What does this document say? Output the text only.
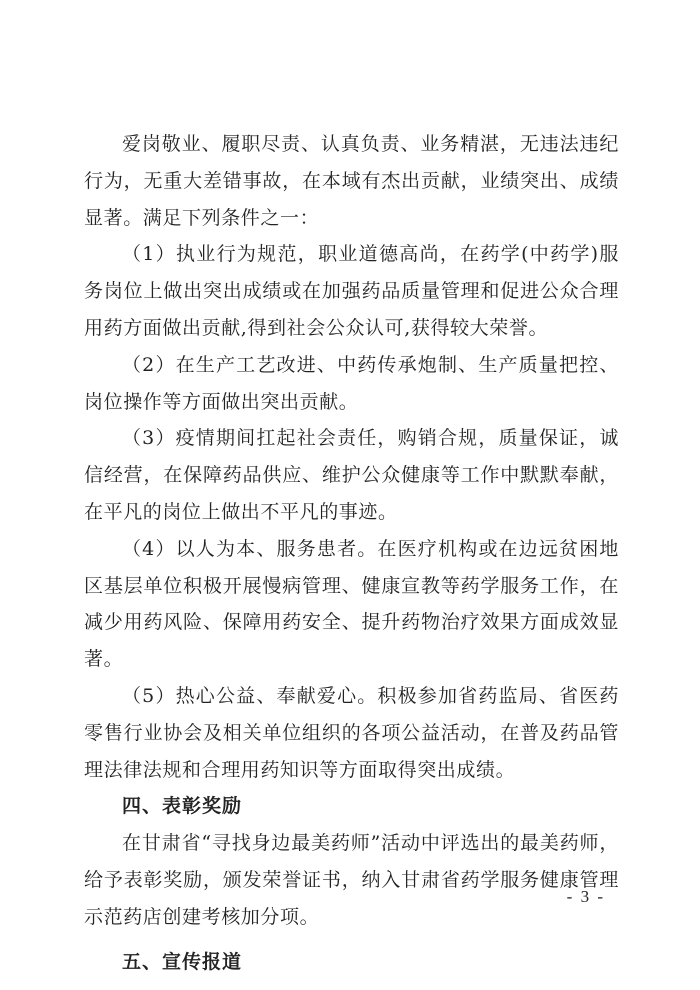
爱岗敬业、履职尽责、认真负责、业务精湛，无违法违纪行为，无重大差错事故，在本域有杰出贡献，业绩突出、成绩显著。满足下列条件之一：

（1）执业行为规范，职业道德高尚，在药学(中药学)服务岗位上做出突出成绩或在加强药品质量管理和促进公众合理用药方面做出贡献,得到社会公众认可,获得较大荣誉。

（2）在生产工艺改进、中药传承炮制、生产质量把控、岗位操作等方面做出突出贡献。

（3）疫情期间扛起社会责任，购销合规，质量保证，诚信经营，在保障药品供应、维护公众健康等工作中默默奉献，在平凡的岗位上做出不平凡的事迹。

（4）以人为本、服务患者。在医疗机构或在边远贫困地区基层单位积极开展慢病管理、健康宣教等药学服务工作，在减少用药风险、保障用药安全、提升药物治疗效果方面成效显著。

（5）热心公益、奉献爱心。积极参加省药监局、省医药零售行业协会及相关单位组织的各项公益活动，在普及药品管理法律法规和合理用药知识等方面取得突出成绩。

四、表彰奖励

在甘肃省“寻找身边最美药师”活动中评选出的最美药师，给予表彰奖励，颁发荣誉证书，纳入甘肃省药学服务健康管理示范药店创建考核加分项。

五、宣传报道

- 3 -
